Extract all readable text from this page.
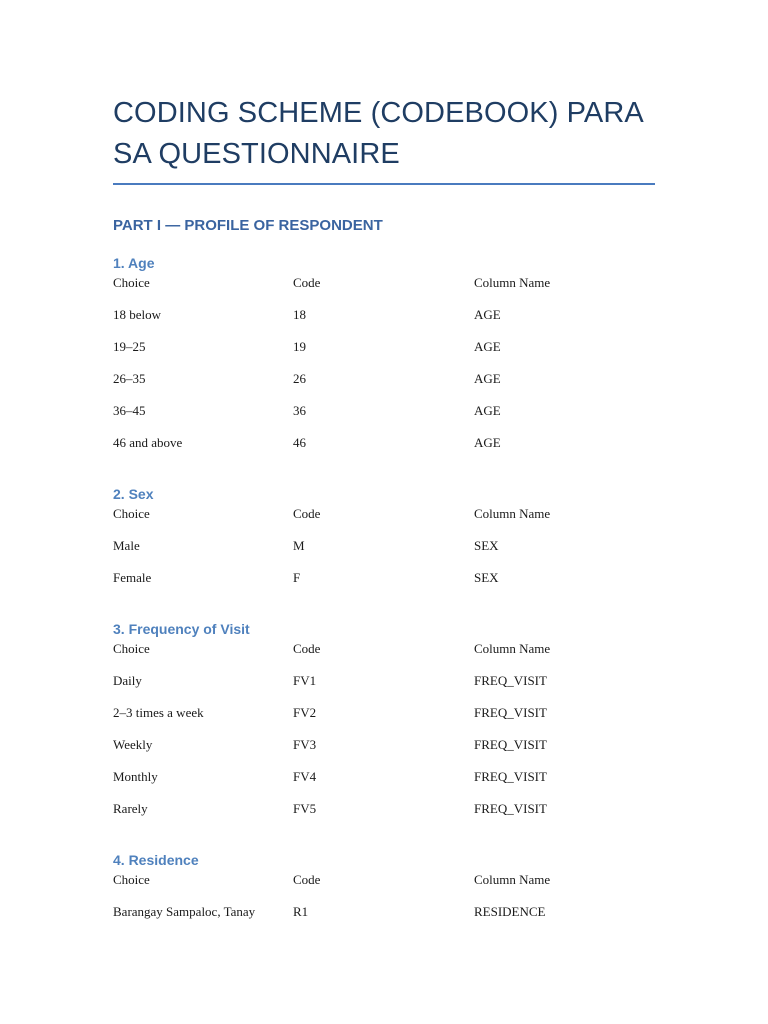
CODING SCHEME (CODEBOOK) PARA SA QUESTIONNAIRE
PART I — PROFILE OF RESPONDENT
1. Age
Choice	Code	Column Name
18 below	18	AGE
19–25	19	AGE
26–35	26	AGE
36–45	36	AGE
46 and above	46	AGE
2. Sex
Choice	Code	Column Name
Male	M	SEX
Female	F	SEX
3. Frequency of Visit
Choice	Code	Column Name
Daily	FV1	FREQ_VISIT
2–3 times a week	FV2	FREQ_VISIT
Weekly	FV3	FREQ_VISIT
Monthly	FV4	FREQ_VISIT
Rarely	FV5	FREQ_VISIT
4. Residence
Choice	Code	Column Name
Barangay Sampaloc, Tanay	R1	RESIDENCE
